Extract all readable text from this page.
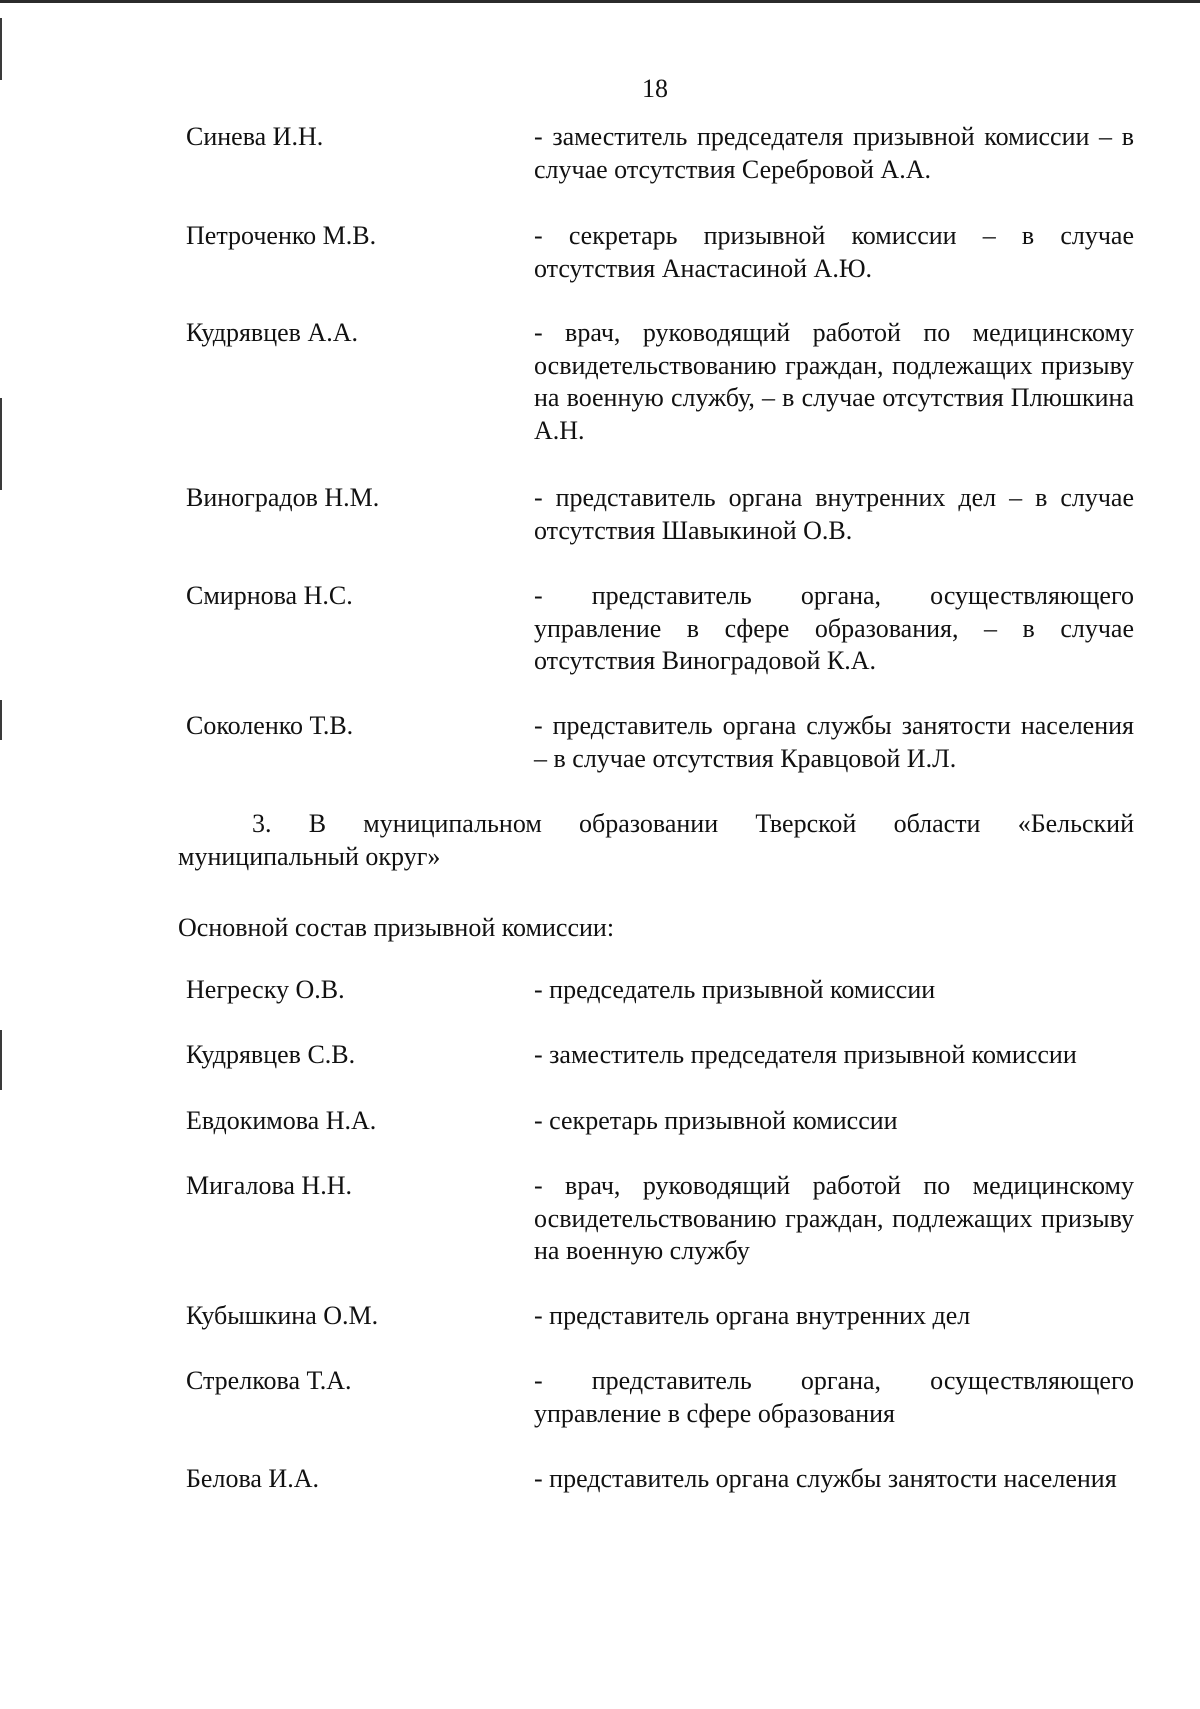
18
Синева И.Н.	- заместитель председателя призывной комиссии – в случае отсутствия Серебровой А.А.
Петроченко М.В.	- секретарь призывной комиссии – в случае отсутствия Анастасиной А.Ю.
Кудрявцев А.А.	- врач, руководящий работой по медицинскому освидетельствованию граждан, подлежащих призыву на военную службу, – в случае отсутствия Плюшкина А.Н.
Виноградов Н.М.	- представитель органа внутренних дел – в случае отсутствия Шавыкиной О.В.
Смирнова Н.С.	- представитель органа, осуществляющего управление в сфере образования, – в случае отсутствия Виноградовой К.А.
Соколенко Т.В.	- представитель органа службы занятости населения – в случае отсутствия Кравцовой И.Л.

3. В муниципальном образовании Тверской области «Бельский муниципальный округ»

Основной состав призывной комиссии:

Негреску О.В.	- председатель призывной комиссии
Кудрявцев С.В.	- заместитель председателя призывной комиссии
Евдокимова Н.А.	- секретарь призывной комиссии
Мигалова Н.Н.	- врач, руководящий работой по медицинскому освидетельствованию граждан, подлежащих призыву на военную службу
Кубышкина О.М.	- представитель органа внутренних дел
Стрелкова Т.А.	- представитель органа, осуществляющего управление в сфере образования
Белова И.А.	- представитель органа службы занятости населения
